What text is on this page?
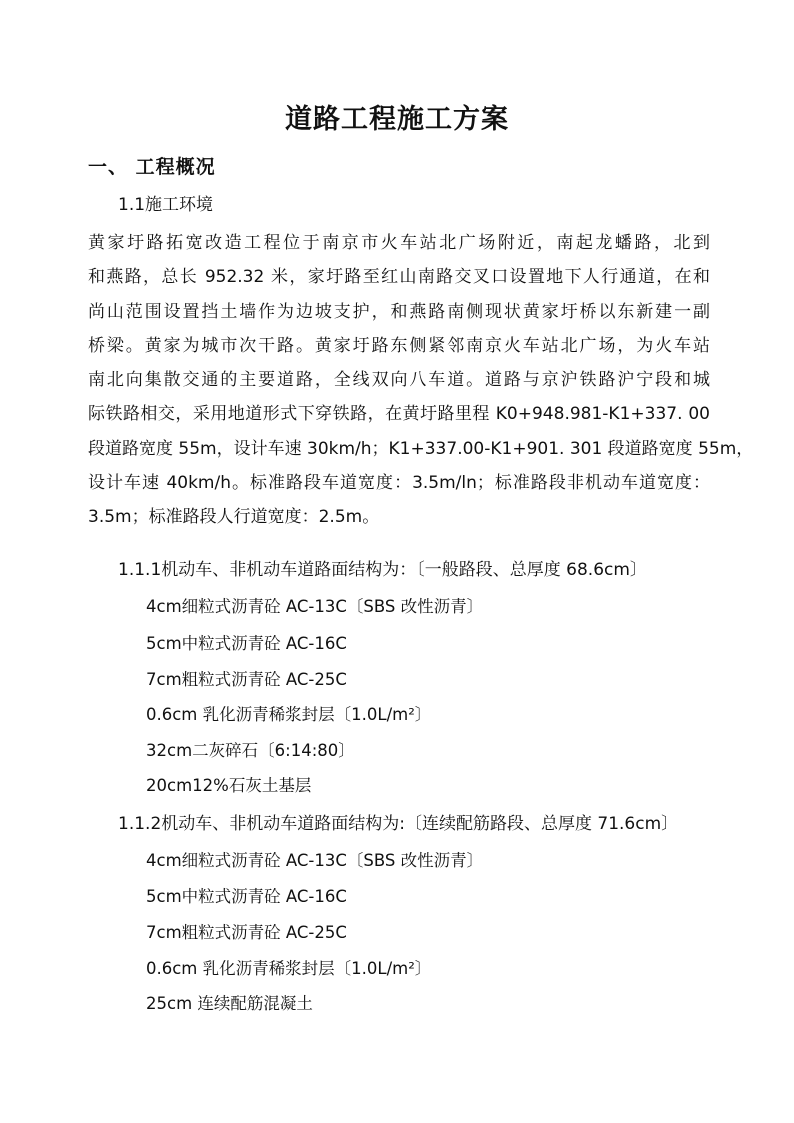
道路工程施工方案
一、 工程概况
1.1施工环境
黄家圩路拓宽改造工程位于南京市火车站北广场附近，南起龙蟠路，北到
和燕路，总长 952.32 米，家圩路至红山南路交叉口设置地下人行通道，在和
尚山范围设置挡土墙作为边坡支护，和燕路南侧现状黄家圩桥以东新建一副
桥梁。黄家为城市次干路。黄家圩路东侧紧邻南京火车站北广场，为火车站
南北向集散交通的主要道路，全线双向八车道。道路与京沪铁路沪宁段和城
际铁路相交，采用地道形式下穿铁路，在黄圩路里程 K0+948.981-K1+337. 00
段道路宽度 55m，设计车速 30km/h；K1+337.00-K1+901. 301 段道路宽度 55m，
设计车速 40km/h。标准路段车道宽度：3.5m/ln；标准路段非机动车道宽度：
3.5m；标准路段人行道宽度：2.5m。
1.1.1机动车、非机动车道路面结构为：〔一般路段、总厚度 68.6cm〕
4cm细粒式沥青砼 AC-13C〔SBS 改性沥青〕
5cm中粒式沥青砼 AC-16C
7cm粗粒式沥青砼 AC-25C
0.6cm 乳化沥青稀浆封层〔1.0L/m²〕
32cm二灰碎石〔6:14:80〕
20cm12%石灰土基层
1.1.2机动车、非机动车道路面结构为:〔连续配筋路段、总厚度 71.6cm〕
4cm细粒式沥青砼 AC-13C〔SBS 改性沥青〕
5cm中粒式沥青砼 AC-16C
7cm粗粒式沥青砼 AC-25C
0.6cm 乳化沥青稀浆封层〔1.0L/m²〕
25cm 连续配筋混凝土
